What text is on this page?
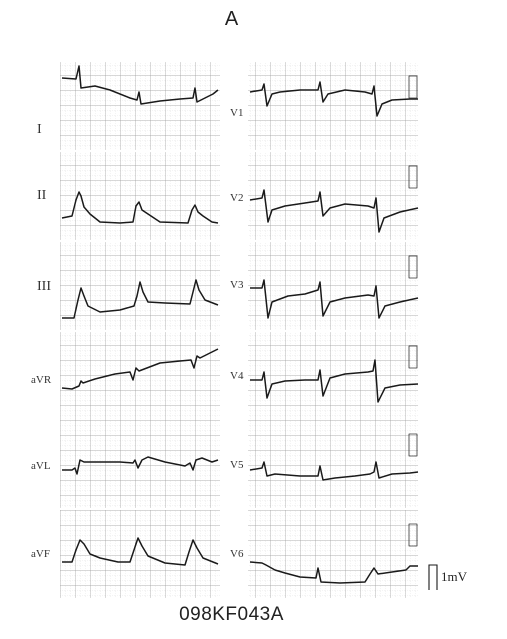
A
I
II
III
aVR
aVL
aVF
V1
V2
V3
V4
V5
V6
1mV
098KF043A
